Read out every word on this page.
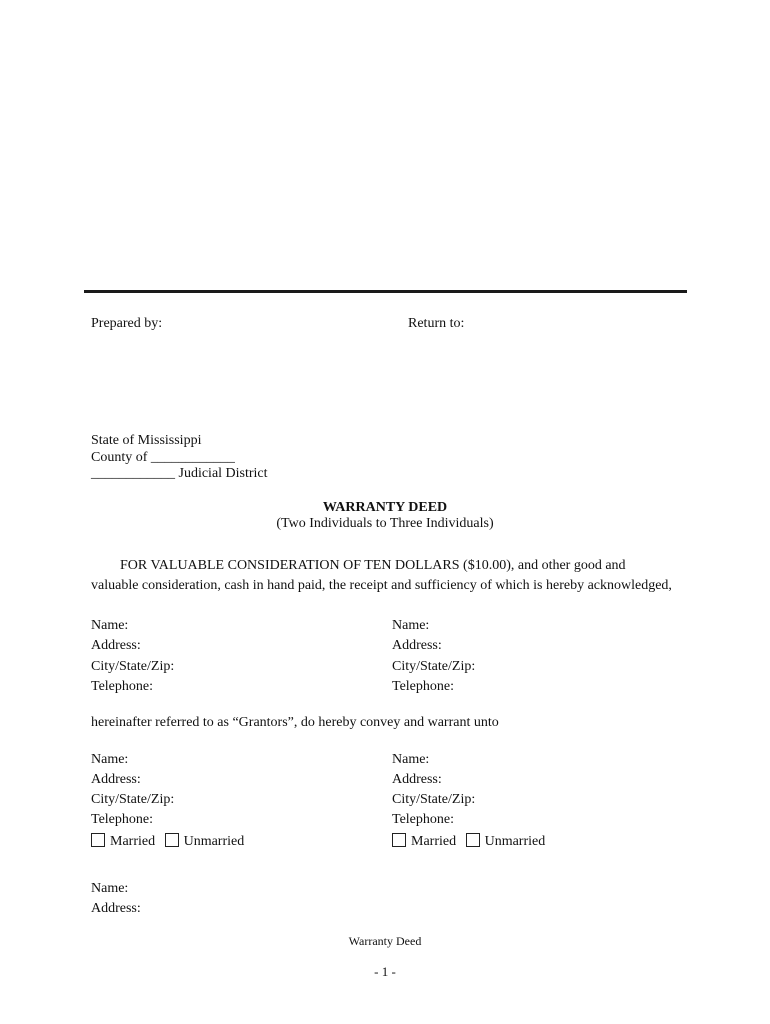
Prepared by:	Return to:
State of Mississippi
County of ____________
____________ Judicial District
WARRANTY DEED
(Two Individuals to Three Individuals)

FOR VALUABLE CONSIDERATION OF TEN DOLLARS ($10.00), and other good and

valuable consideration, cash in hand paid, the receipt and sufficiency of which is hereby acknowledged,

Name:
Address:
City/State/Zip:
Telephone:
Name:
Address:
City/State/Zip:
Telephone:
hereinafter referred to as “Grantors”, do hereby convey and warrant unto
Name:
Address:
City/State/Zip:
Telephone:
Married Unmarried
Name:
Address:
City/State/Zip:
Telephone:
Married Unmarried
Name:
Address:
Warranty Deed
- 1 -
